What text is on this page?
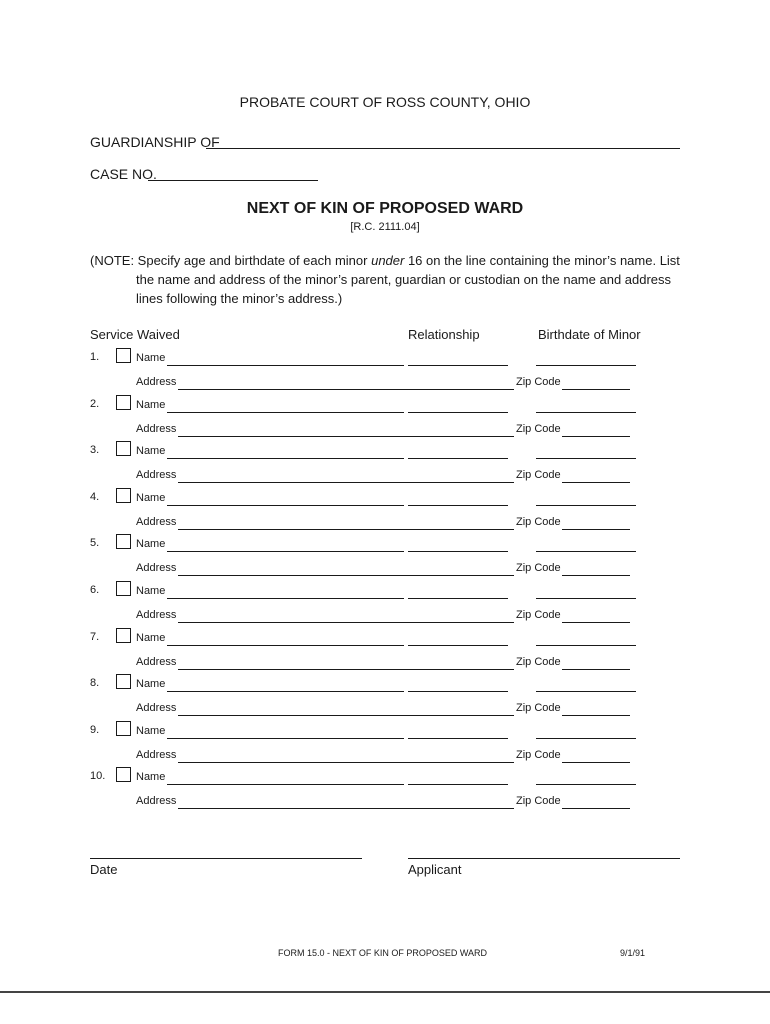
PROBATE COURT OF ROSS COUNTY, OHIO
GUARDIANSHIP OF
CASE NO.
NEXT OF KIN OF PROPOSED WARD
[R.C. 2111.04]

(NOTE: Specify age and birthdate of each minor under 16 on the line containing the minor’s name. List

the name and address of the minor’s parent, guardian or custodian on the name and address

lines following the minor’s address.)

Service Waived	Relationship	Birthdate of Minor
1.	Name
Address	Zip Code
2.	Name
Address	Zip Code
3.	Name
Address	Zip Code
4.	Name
Address	Zip Code
5.	Name
Address	Zip Code
6.	Name
Address	Zip Code
7.	Name
Address	Zip Code
8.	Name
Address	Zip Code
9.	Name
Address	Zip Code
10.	Name
Address	Zip Code
Date	Applicant
FORM 15.0 - NEXT OF KIN OF PROPOSED WARD	9/1/91
